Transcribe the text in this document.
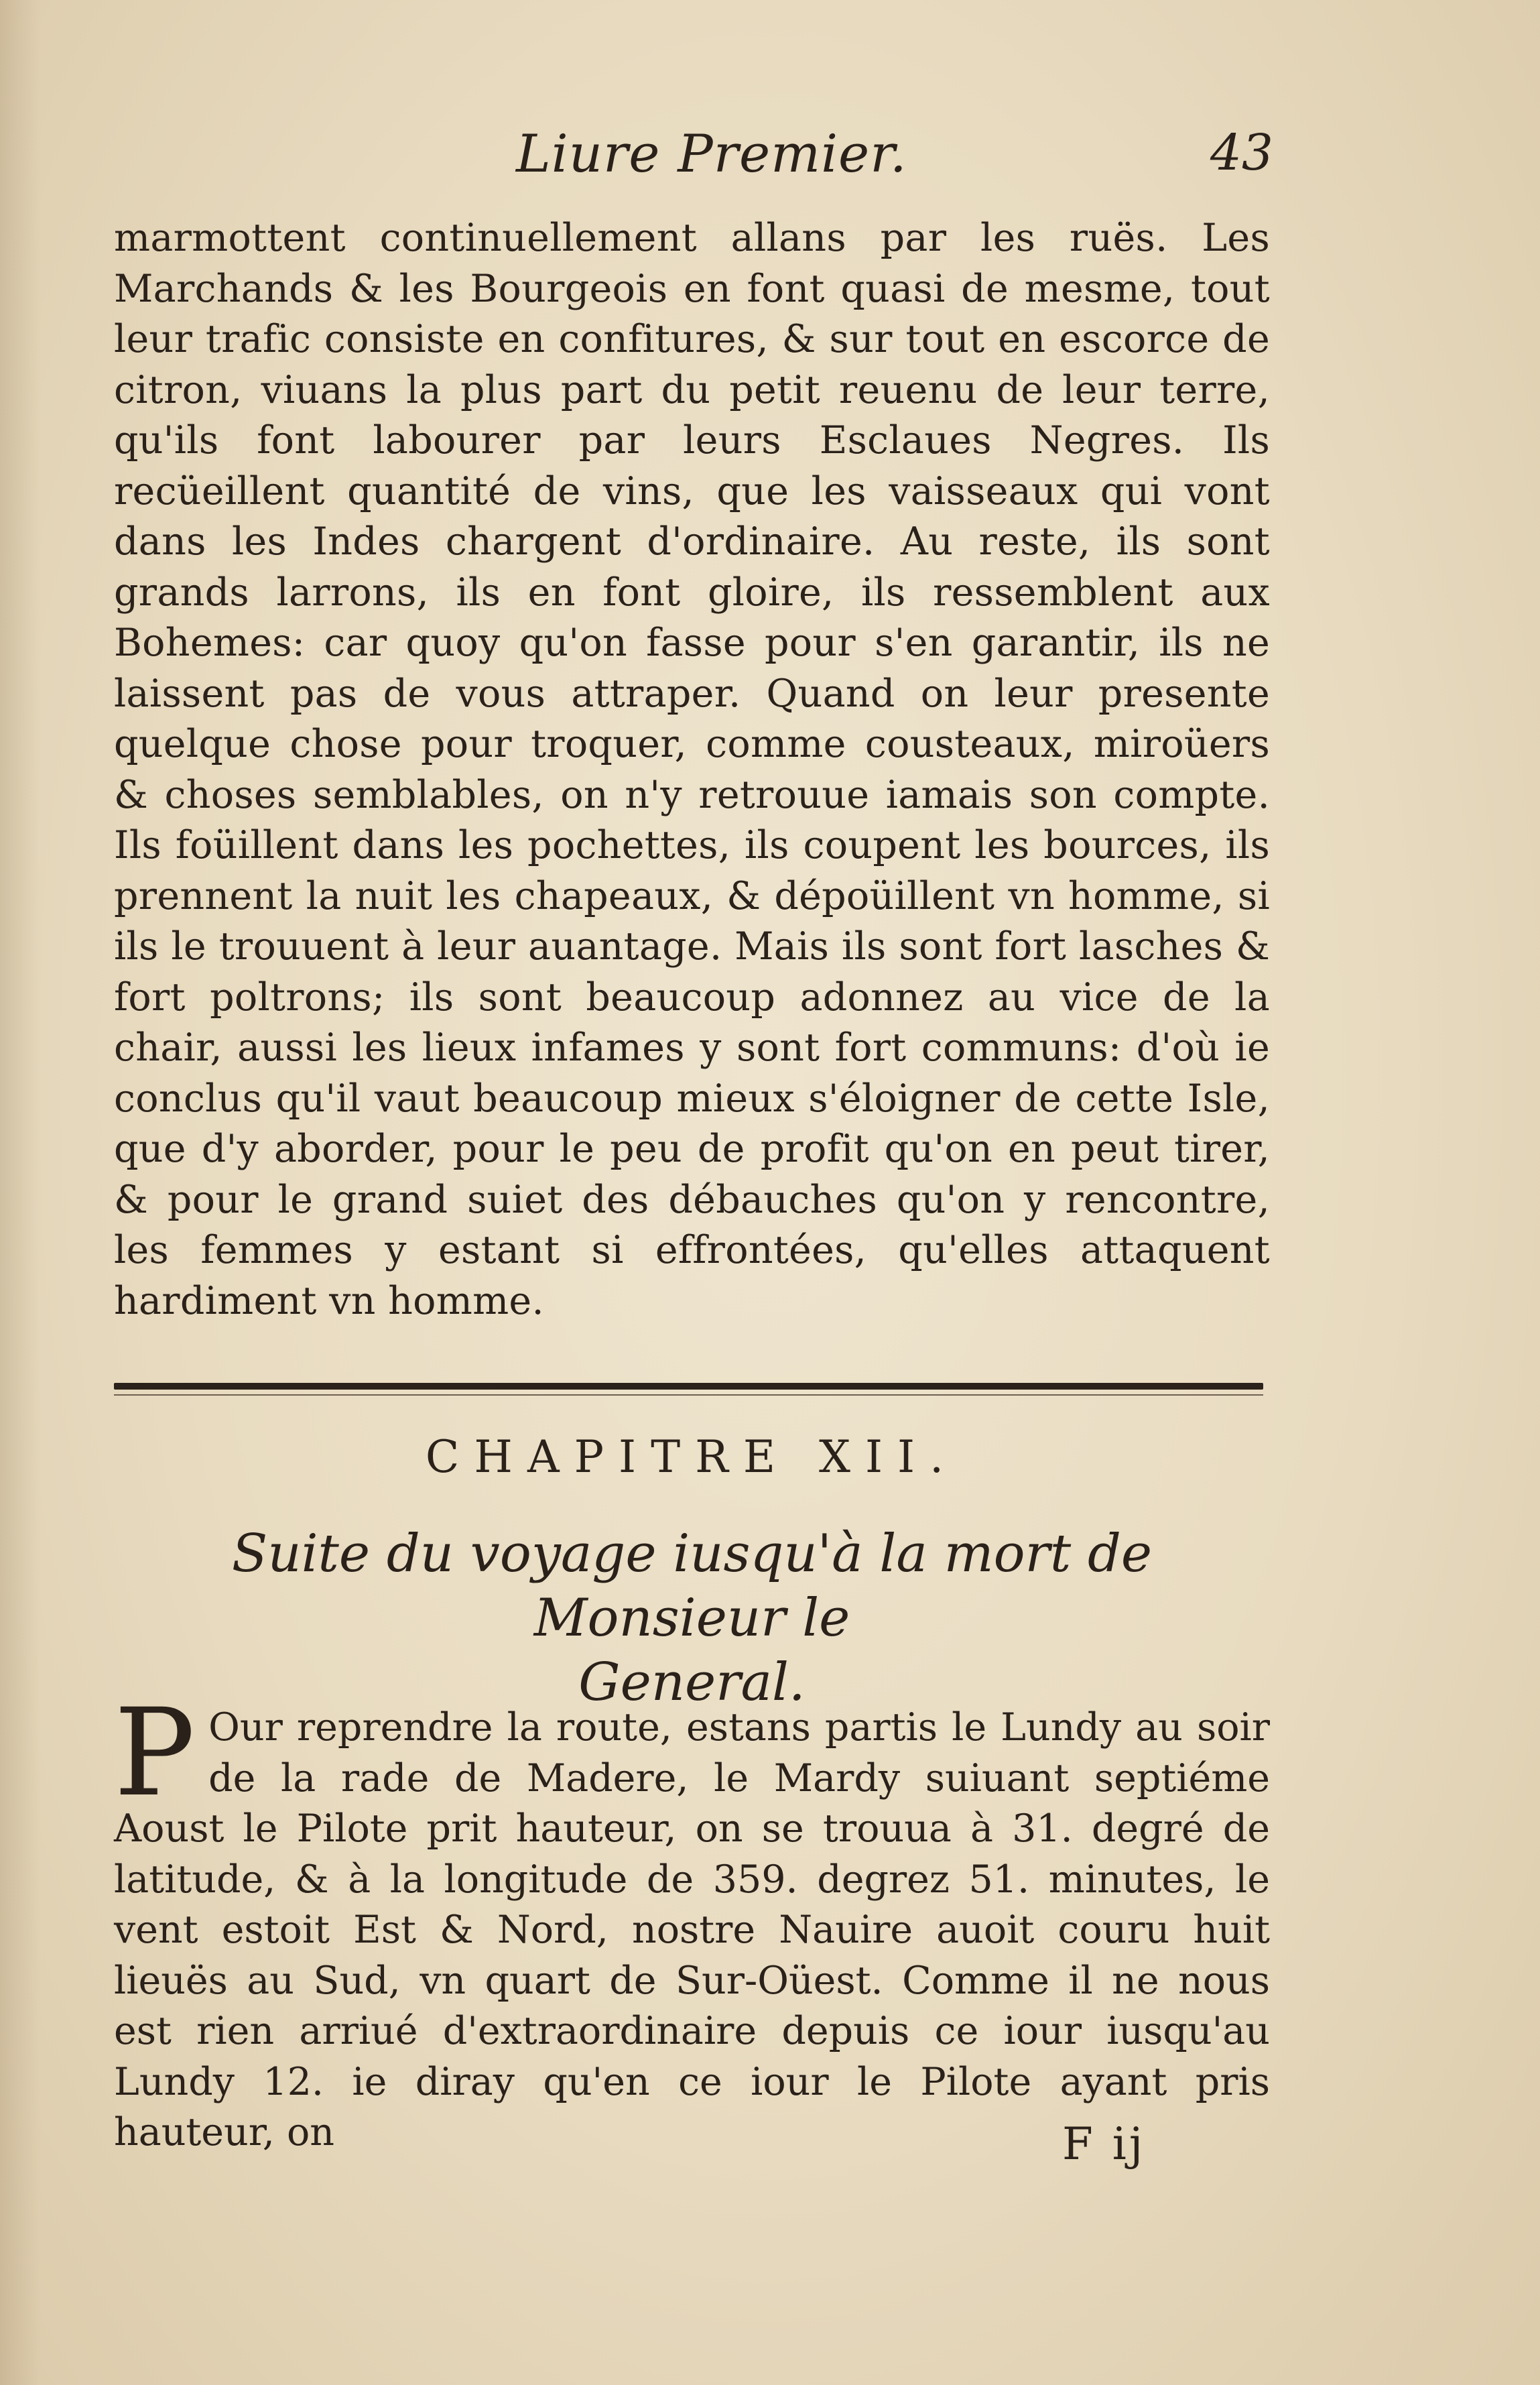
Liure Premier.	43
marmottent continuellement allans par les ruës. Les Marchands & les Bourgeois en font quasi de mesme, tout leur trafic consiste en confitures, & sur tout en escorce de citron, viuans la plus part du petit reuenu de leur terre, qu'ils font labourer par leurs Esclaues Negres. Ils recüeillent quantité de vins, que les vaisseaux qui vont dans les Indes chargent d'ordinaire. Au reste, ils sont grands larrons, ils en font gloire, ils ressemblent aux Bohemes: car quoy qu'on fasse pour s'en garantir, ils ne laissent pas de vous attraper. Quand on leur presente quelque chose pour troquer, comme cousteaux, miroüers & choses semblables, on n'y retrouue iamais son compte. Ils foüillent dans les pochettes, ils coupent les bources, ils prennent la nuit les chapeaux, & dépoüillent vn homme, si ils le trouuent à leur auantage. Mais ils sont fort lasches & fort poltrons; ils sont beaucoup adonnez au vice de la chair, aussi les lieux infames y sont fort communs: d'où ie conclus qu'il vaut beaucoup mieux s'éloigner de cette Isle, que d'y aborder, pour le peu de profit qu'on en peut tirer, & pour le grand suiet des débauches qu'on y rencontre, les femmes y estant si effrontées, qu'elles attaquent hardiment vn homme.
CHAPITRE XII.
Suite du voyage iusqu'à la mort de Monsieur le
General.
P Our reprendre la route, estans partis le Lundy au soir de la rade de Madere, le Mardy suiuant septiéme Aoust le Pilote prit hauteur, on se trouua à 31. degré de latitude, & à la longitude de 359. degrez 51. minutes, le vent estoit Est & Nord, nostre Nauire auoit couru huit lieuës au Sud, vn quart de Sur-Oüest. Comme il ne nous est rien arriué d'extraordinaire depuis ce iour iusqu'au Lundy 12. ie diray qu'en ce iour le Pilote ayant pris hauteur, on	F ij
